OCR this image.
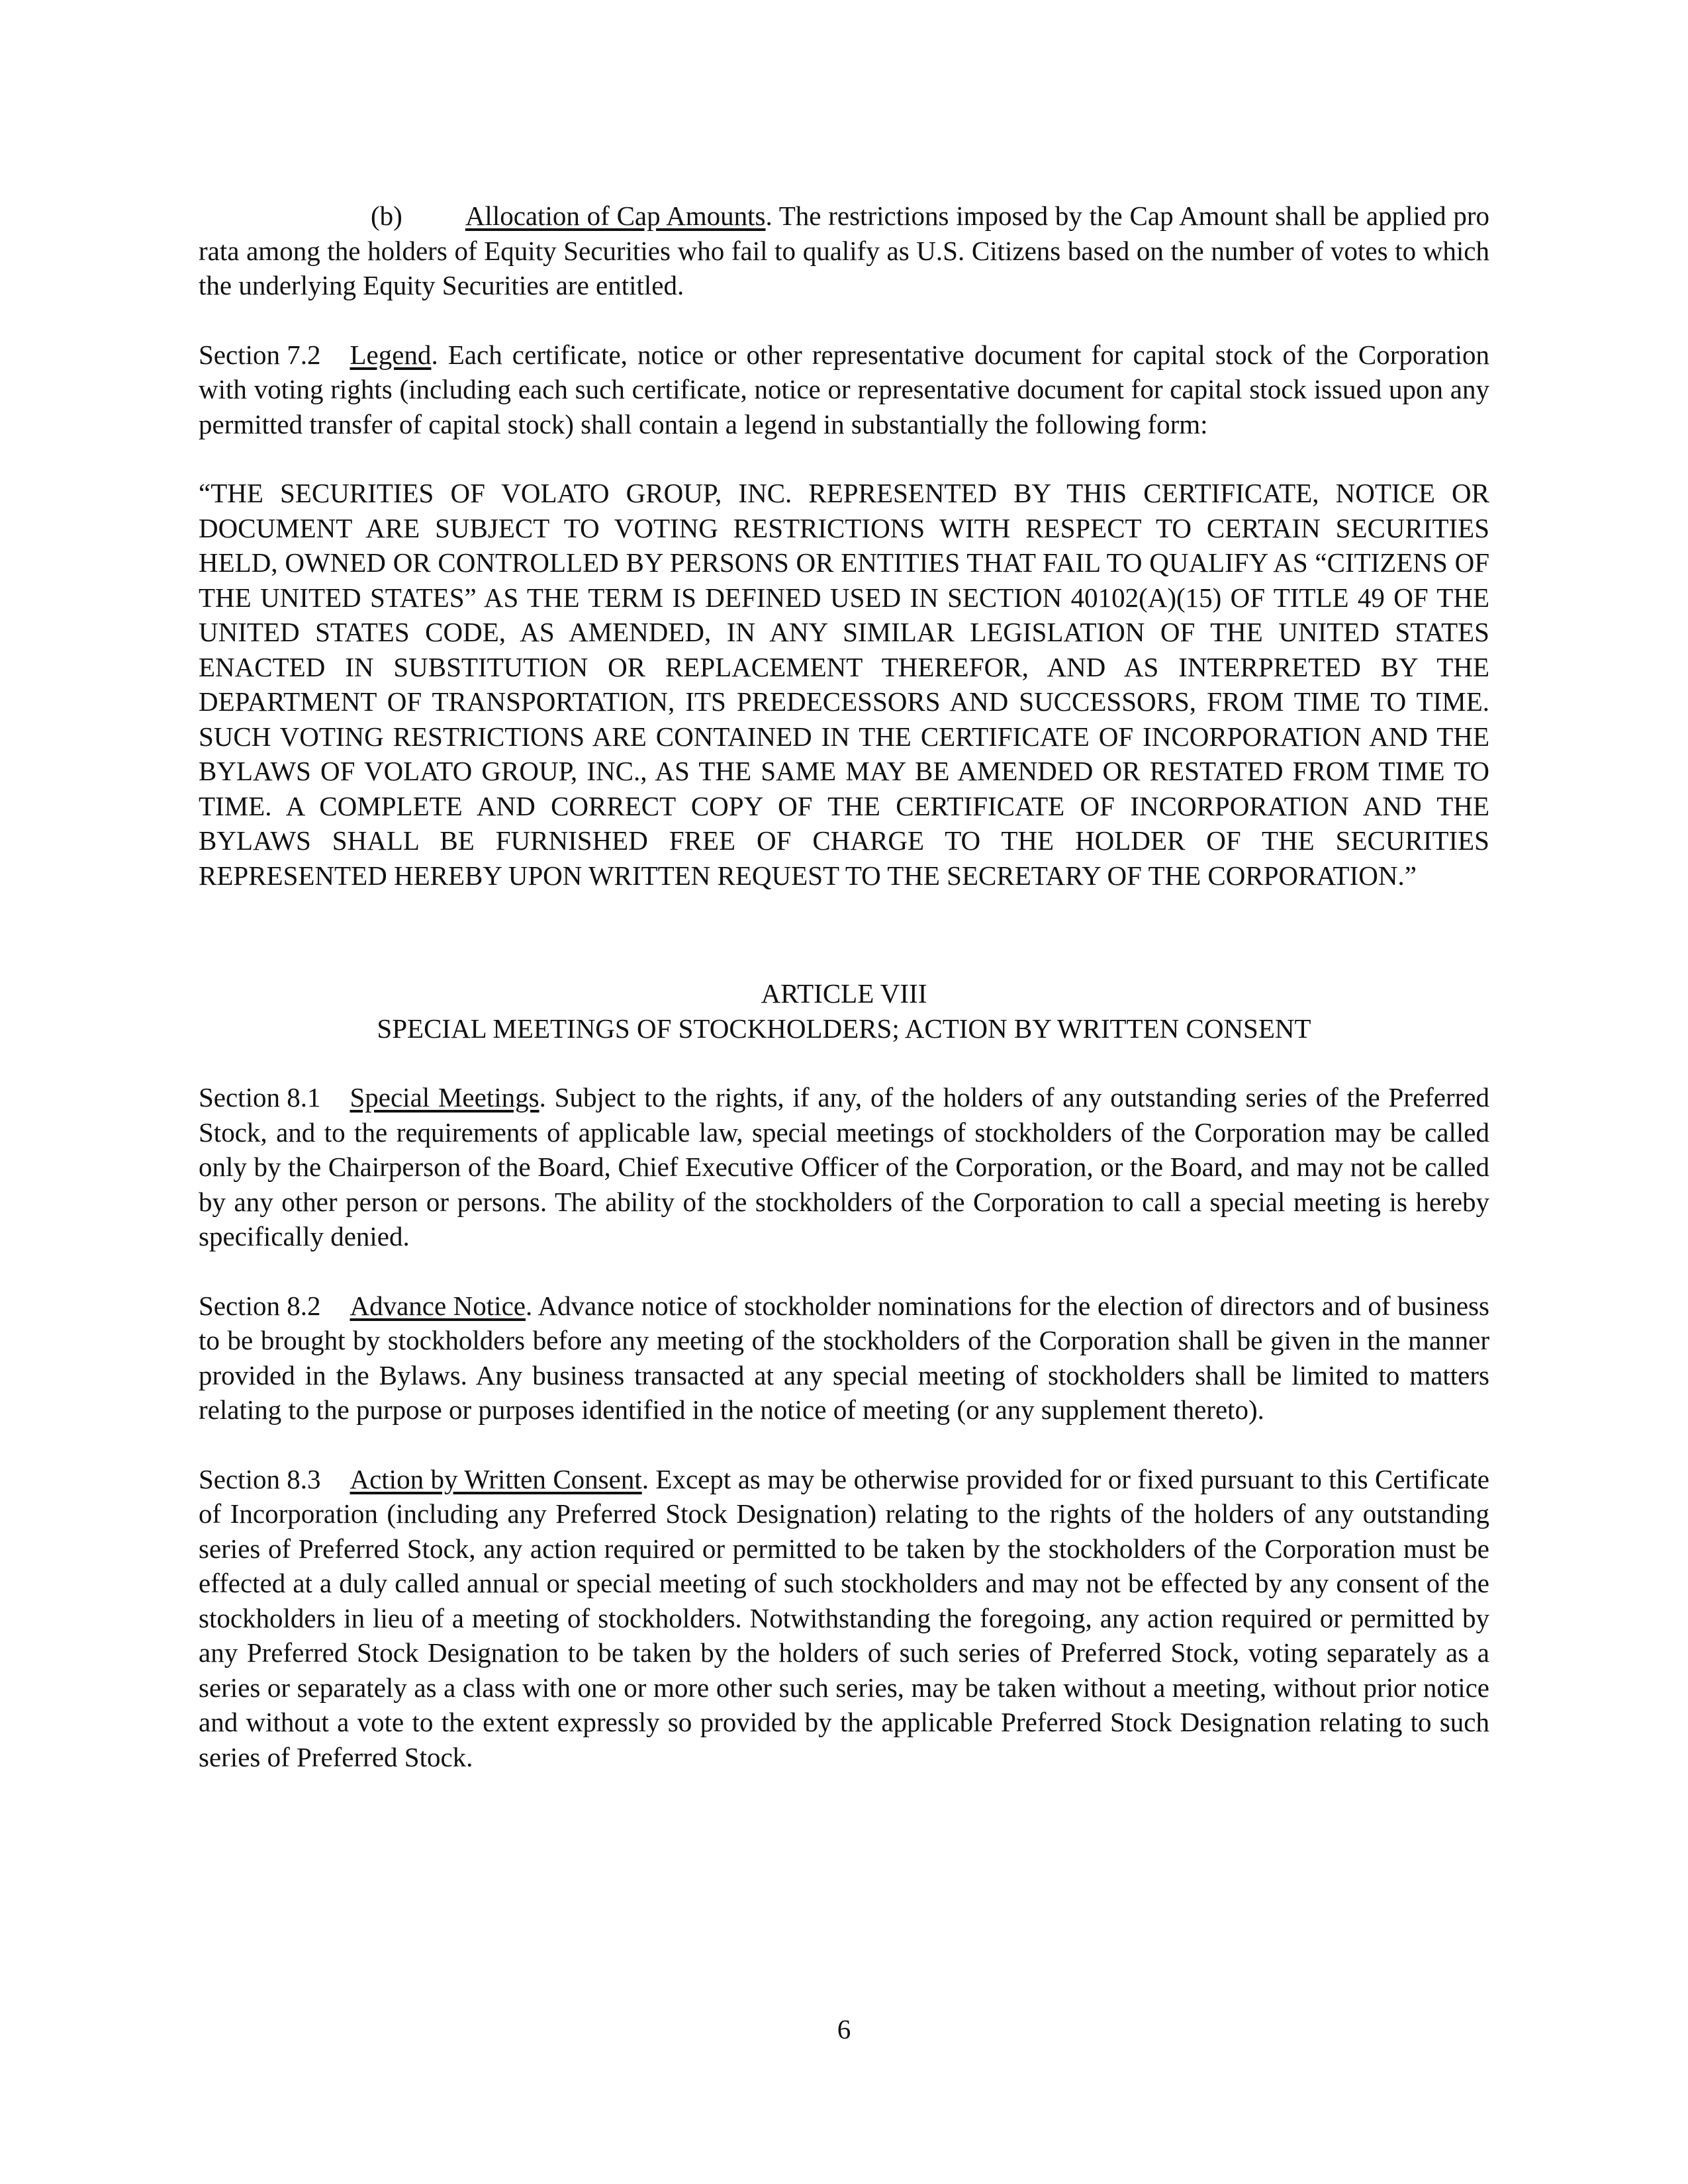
(b) Allocation of Cap Amounts. The restrictions imposed by the Cap Amount shall be applied pro rata among the holders of Equity Securities who fail to qualify as U.S. Citizens based on the number of votes to which the underlying Equity Securities are entitled.

Section 7.2 Legend. Each certificate, notice or other representative document for capital stock of the Corporation with voting rights (including each such certificate, notice or representative document for capital stock issued upon any permitted transfer of capital stock) shall contain a legend in substantially the following form:

“THE SECURITIES OF VOLATO GROUP, INC. REPRESENTED BY THIS CERTIFICATE, NOTICE OR DOCUMENT ARE SUBJECT TO VOTING RESTRICTIONS WITH RESPECT TO CERTAIN SECURITIES HELD, OWNED OR CONTROLLED BY PERSONS OR ENTITIES THAT FAIL TO QUALIFY AS “CITIZENS OF THE UNITED STATES” AS THE TERM IS DEFINED USED IN SECTION 40102(A)(15) OF TITLE 49 OF THE UNITED STATES CODE, AS AMENDED, IN ANY SIMILAR LEGISLATION OF THE UNITED STATES ENACTED IN SUBSTITUTION OR REPLACEMENT THEREFOR, AND AS INTERPRETED BY THE DEPARTMENT OF TRANSPORTATION, ITS PREDECESSORS AND SUCCESSORS, FROM TIME TO TIME. SUCH VOTING RESTRICTIONS ARE CONTAINED IN THE CERTIFICATE OF INCORPORATION AND THE BYLAWS OF VOLATO GROUP, INC., AS THE SAME MAY BE AMENDED OR RESTATED FROM TIME TO TIME. A COMPLETE AND CORRECT COPY OF THE CERTIFICATE OF INCORPORATION AND THE BYLAWS SHALL BE FURNISHED FREE OF CHARGE TO THE HOLDER OF THE SECURITIES REPRESENTED HEREBY UPON WRITTEN REQUEST TO THE SECRETARY OF THE CORPORATION.”

ARTICLE VIII

SPECIAL MEETINGS OF STOCKHOLDERS; ACTION BY WRITTEN CONSENT

Section 8.1 Special Meetings. Subject to the rights, if any, of the holders of any outstanding series of the Preferred Stock, and to the requirements of applicable law, special meetings of stockholders of the Corporation may be called only by the Chairperson of the Board, Chief Executive Officer of the Corporation, or the Board, and may not be called by any other person or persons. The ability of the stockholders of the Corporation to call a special meeting is hereby specifically denied.

Section 8.2 Advance Notice. Advance notice of stockholder nominations for the election of directors and of business to be brought by stockholders before any meeting of the stockholders of the Corporation shall be given in the manner provided in the Bylaws. Any business transacted at any special meeting of stockholders shall be limited to matters relating to the purpose or purposes identified in the notice of meeting (or any supplement thereto).

Section 8.3 Action by Written Consent. Except as may be otherwise provided for or fixed pursuant to this Certificate of Incorporation (including any Preferred Stock Designation) relating to the rights of the holders of any outstanding series of Preferred Stock, any action required or permitted to be taken by the stockholders of the Corporation must be effected at a duly called annual or special meeting of such stockholders and may not be effected by any consent of the stockholders in lieu of a meeting of stockholders. Notwithstanding the foregoing, any action required or permitted by any Preferred Stock Designation to be taken by the holders of such series of Preferred Stock, voting separately as a series or separately as a class with one or more other such series, may be taken without a meeting, without prior notice and without a vote to the extent expressly so provided by the applicable Preferred Stock Designation relating to such series of Preferred Stock.

6
